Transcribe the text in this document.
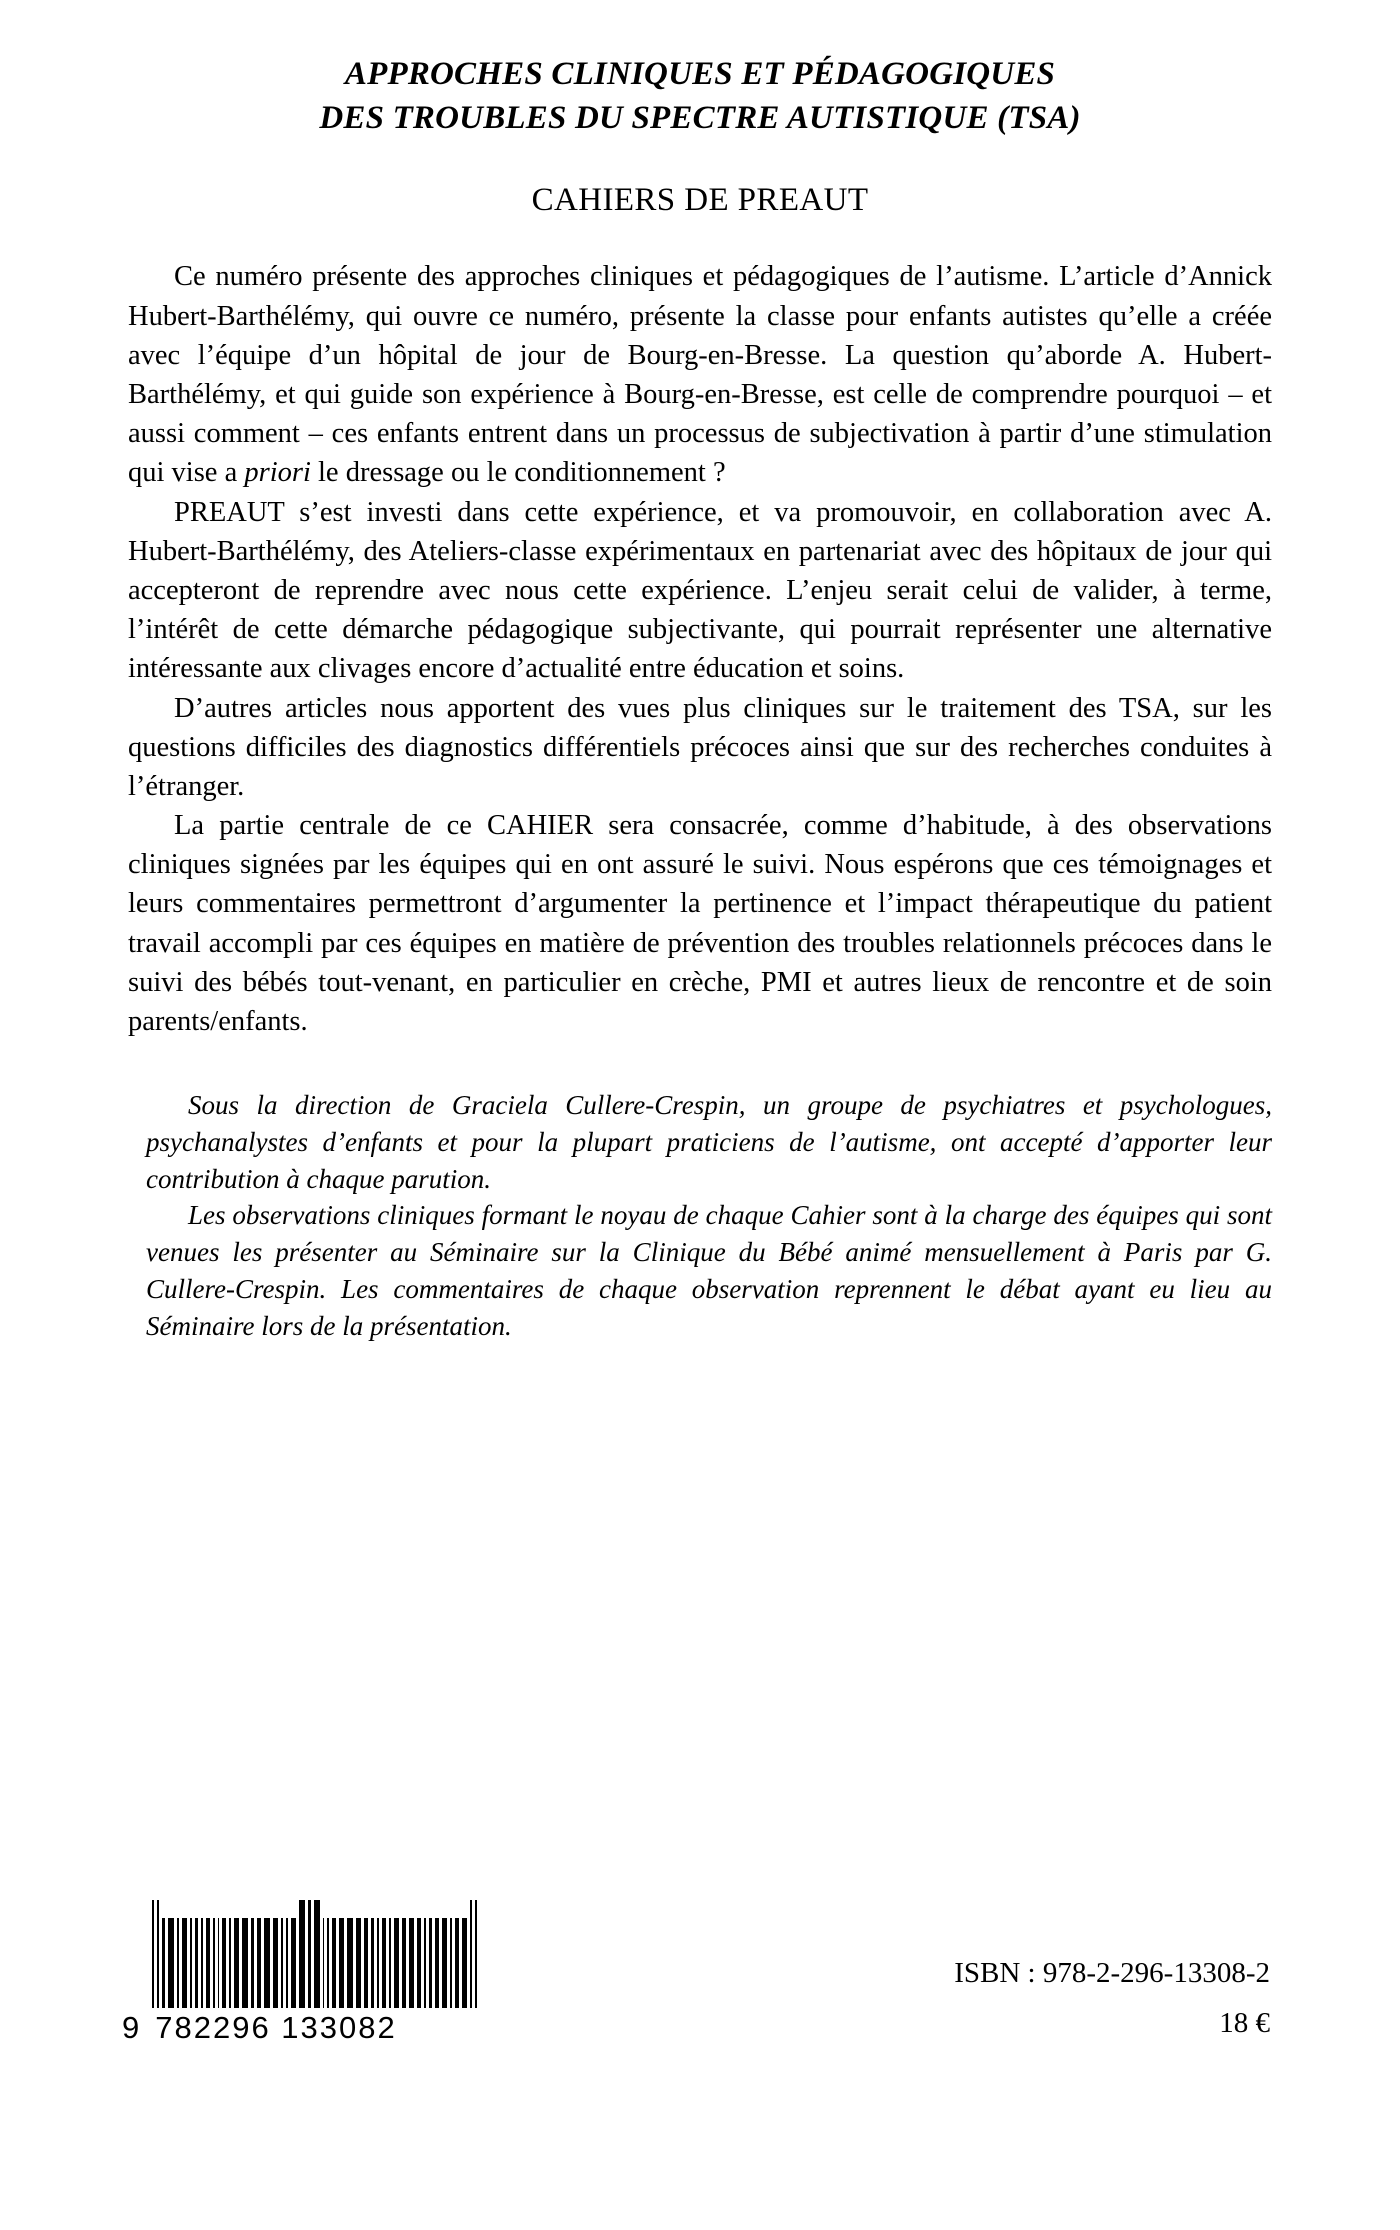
APPROCHES CLINIQUES ET PÉDAGOGIQUES
DES TROUBLES DU SPECTRE AUTISTIQUE (TSA)
CAHIERS DE PREAUT

Ce numéro présente des approches cliniques et pédagogiques de l’autisme. L’article d’Annick Hubert-Barthélémy, qui ouvre ce numéro, présente la classe pour enfants autistes qu’elle a créée avec l’équipe d’un hôpital de jour de Bourg-en-Bresse. La question qu’aborde A. Hubert-Barthélémy, et qui guide son expérience à Bourg-en-Bresse, est celle de comprendre pourquoi – et aussi comment – ces enfants entrent dans un processus de subjectivation à partir d’une stimulation qui vise a priori le dressage ou le conditionnement ?

PREAUT s’est investi dans cette expérience, et va promouvoir, en collaboration avec A. Hubert-Barthélémy, des Ateliers-classe expérimentaux en partenariat avec des hôpitaux de jour qui accepteront de reprendre avec nous cette expérience. L’enjeu serait celui de valider, à terme, l’intérêt de cette démarche pédagogique subjectivante, qui pourrait représenter une alternative intéressante aux clivages encore d’actualité entre éducation et soins.

D’autres articles nous apportent des vues plus cliniques sur le traitement des TSA, sur les questions difficiles des diagnostics différentiels précoces ainsi que sur des recherches conduites à l’étranger.

La partie centrale de ce CAHIER sera consacrée, comme d’habitude, à des observations cliniques signées par les équipes qui en ont assuré le suivi. Nous espérons que ces témoignages et leurs commentaires permettront d’argumenter la pertinence et l’impact thérapeutique du patient travail accompli par ces équipes en matière de prévention des troubles relationnels précoces dans le suivi des bébés tout-venant, en particulier en crèche, PMI et autres lieux de rencontre et de soin parents/enfants.

Sous la direction de Graciela Cullere-Crespin, un groupe de psychiatres et psychologues, psychanalystes d’enfants et pour la plupart praticiens de l’autisme, ont accepté d’apporter leur contribution à chaque parution.

Les observations cliniques formant le noyau de chaque Cahier sont à la charge des équipes qui sont venues les présenter au Séminaire sur la Clinique du Bébé animé mensuellement à Paris par G. Cullere-Crespin. Les commentaires de chaque observation reprennent le débat ayant eu lieu au Séminaire lors de la présentation.

9 782296 133082
ISBN : 978-2-296-13308-2
18 €
